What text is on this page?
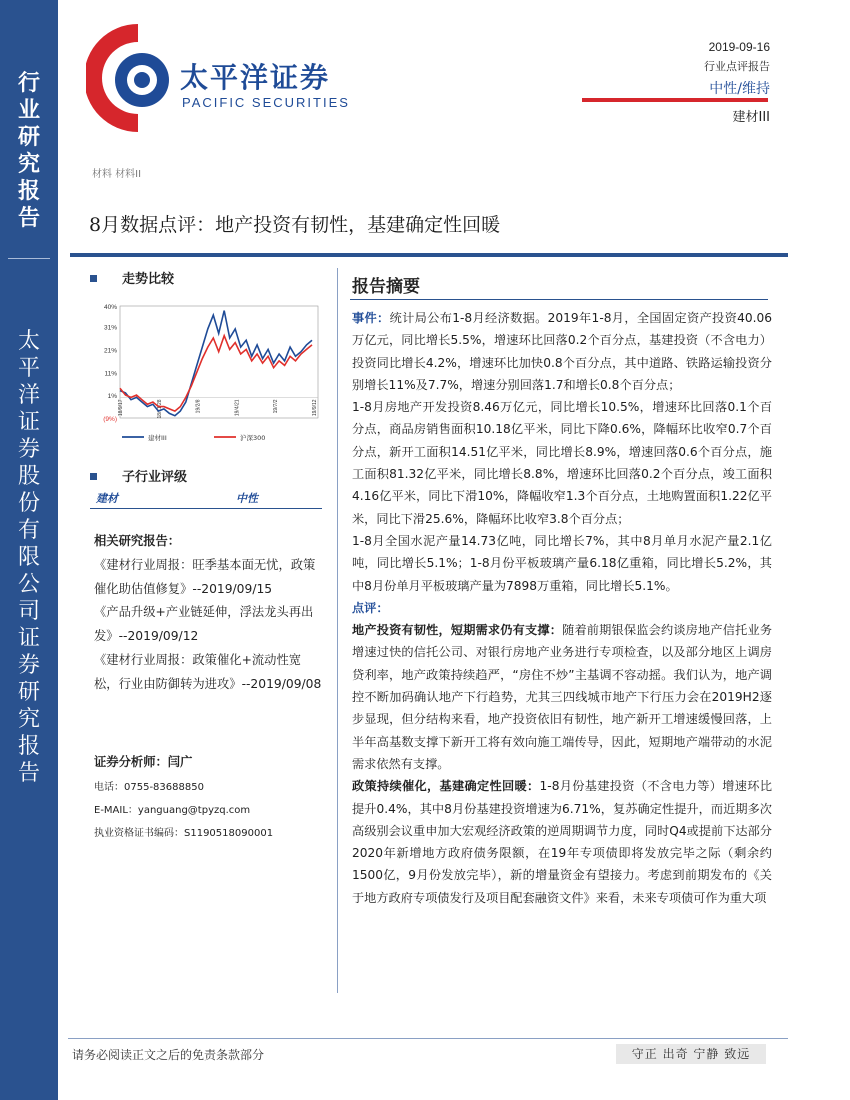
行
业
研
究
报
告
太
平
洋
证
券
股
份
有
限
公
司
证
券
研
究
报
告
太平洋证券
PACIFIC SECURITIES
2019-09-16
行业点评报告
中性/维持
建材III
材料 材料II
8月数据点评：地产投资有韧性，基建确定性回暖
走势比较
40%
31%
21%
11%
1%
(9%)
18/9/17	18/11/28	19/2/8	19/4/21	19/7/2	19/9/12
建材III	沪深300
子行业评级
建材	中性
相关研究报告：
《建材行业周报：旺季基本面无忧，政策催化助估值修复》--2019/09/15
《产品升级+产业链延伸，浮法龙头再出发》--2019/09/12
《建材行业周报：政策催化+流动性宽松，行业由防御转为进攻》--2019/09/08
证券分析师：闫广
电话：0755-83688850
E-MAIL：yanguang@tpyzq.com
执业资格证书编码：S1190518090001
报告摘要

事件：统计局公布1-8月经济数据。2019年1-8月，全国固定资产投资40.06万亿元，同比增长5.5%，增速环比回落0.2个百分点，基建投资（不含电力）投资同比增长4.2%，增速环比加快0.8个百分点，其中道路、铁路运输投资分别增长11%及7.7%，增速分别回落1.7和增长0.8个百分点；

1-8月房地产开发投资8.46万亿元，同比增长10.5%，增速环比回落0.1个百分点，商品房销售面积10.18亿平米，同比下降0.6%，降幅环比收窄0.7个百分点，新开工面积14.51亿平米，同比增长8.9%，增速回落0.6个百分点，施工面积81.32亿平米，同比增长8.8%，增速环比回落0.2个百分点，竣工面积4.16亿平米，同比下滑10%，降幅收窄1.3个百分点，土地购置面积1.22亿平米，同比下滑25.6%，降幅环比收窄3.8个百分点；

1-8月全国水泥产量14.73亿吨，同比增长7%，其中8月单月水泥产量2.1亿吨，同比增长5.1%；1-8月份平板玻璃产量6.18亿重箱，同比增长5.2%，其中8月份单月平板玻璃产量为7898万重箱，同比增长5.1%。

点评：

地产投资有韧性，短期需求仍有支撑：随着前期银保监会约谈房地产信托业务增速过快的信托公司、对银行房地产业务进行专项检查，以及部分地区上调房贷利率，地产政策持续趋严，“房住不炒”主基调不容动摇。我们认为，地产调控不断加码确认地产下行趋势，尤其三四线城市地产下行压力会在2019H2逐步显现，但分结构来看，地产投资依旧有韧性，地产新开工增速缓慢回落，上半年高基数支撑下新开工将有效向施工端传导，因此，短期地产端带动的水泥需求依然有支撑。

政策持续催化，基建确定性回暖：1-8月份基建投资（不含电力等）增速环比提升0.4%，其中8月份基建投资增速为6.71%，复苏确定性提升，而近期多次高级别会议重申加大宏观经济政策的逆周期调节力度，同时Q4或提前下达部分2020年新增地方政府债务限额，在19年专项债即将发放完毕之际（剩余约1500亿，9月份发放完毕），新的增量资金有望接力。考虑到前期发布的《关于地方政府专项债发行及项目配套融资文件》来看，未来专项债可作为重大项

请务必阅读正文之后的免责条款部分	守正 出奇 宁静 致远
